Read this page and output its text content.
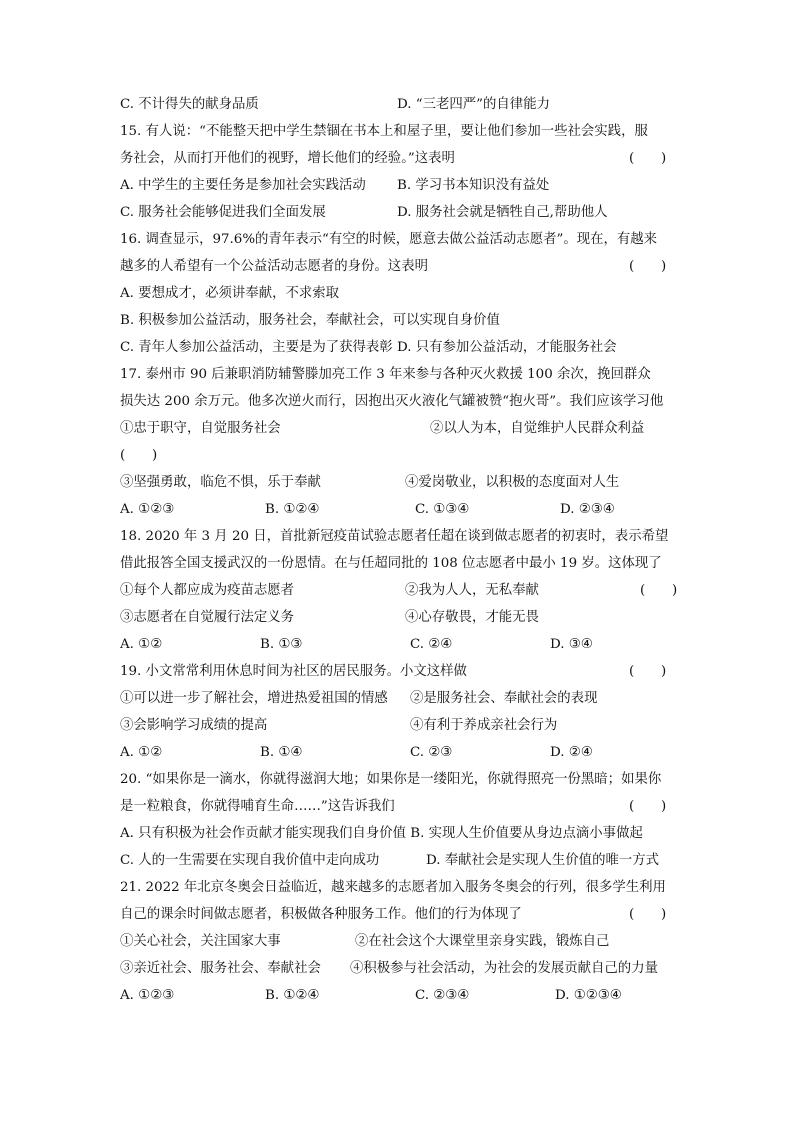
C. 不计得失的献身品质	D. “三老四严”的自律能力
15. 有人说：“不能整天把中学生禁锢在书本上和屋子里，要让他们参加一些社会实践，服
务社会，从而打开他们的视野，增长他们的经验。”这表明	(　　)
A. 中学生的主要任务是参加社会实践活动 B. 学习书本知识没有益处
C. 服务社会能够促进我们全面发展	D. 服务社会就是牺牲自己,帮助他人
16. 调查显示，97.6%的青年表示“有空的时候，愿意去做公益活动志愿者”。现在，有越来
越多的人希望有一个公益活动志愿者的身份。这表明	(　　)
A. 要想成才，必须讲奉献，不求索取
B. 积极参加公益活动，服务社会，奉献社会，可以实现自身价值
C. 青年人参加公益活动，主要是为了获得表彰 D. 只有参加公益活动，才能服务社会
17. 泰州市 90 后兼职消防辅警滕加亮工作 3 年来参与各种灭火救援 100 余次，挽回群众
损失达 200 余万元。他多次逆火而行，因抱出灭火液化气罐被赞“抱火哥”。我们应该学习他
①忠于职守，自觉服务社会	②以人为本，自觉维护人民群众利益
(　　)
③坚强勇敢，临危不惧，乐于奉献	④爱岗敬业，以积极的态度面对人生
A. ①②③	B. ①②④	C. ①③④	D. ②③④
18. 2020 年 3 月 20 日，首批新冠疫苗试验志愿者任超在谈到做志愿者的初衷时，表示希望
借此报答全国支援武汉的一份恩情。在与任超同批的 108 位志愿者中最小 19 岁。这体现了
①每个人都应成为疫苗志愿者	②我为人人，无私奉献	(　　)
③志愿者在自觉履行法定义务	④心存敬畏，才能无畏
A. ①②	B. ①③	C. ②④	D. ③④
19. 小文常常利用休息时间为社区的居民服务。小文这样做	(　　)
①可以进一步了解社会，增进热爱祖国的情感 ②是服务社会、奉献社会的表现
③会影响学习成绩的提高	④有利于养成亲社会行为
A. ①②	B. ①④	C. ②③	D. ②④
20. “如果你是一滴水，你就得滋润大地；如果你是一缕阳光，你就得照亮一份黑暗；如果你
是一粒粮食，你就得哺育生命……”这告诉我们	(　　)
A. 只有积极为社会作贡献才能实现我们自身价值 B. 实现人生价值要从身边点滴小事做起
C. 人的一生需要在实现自我价值中走向成功	D. 奉献社会是实现人生价值的唯一方式
21. 2022 年北京冬奥会日益临近，越来越多的志愿者加入服务冬奥会的行列，很多学生利用
自己的课余时间做志愿者，积极做各种服务工作。他们的行为体现了	(　　)
①关心社会，关注国家大事	②在社会这个大课堂里亲身实践，锻炼自己
③亲近社会、服务社会、奉献社会 ④积极参与社会活动，为社会的发展贡献自己的力量
A. ①②③	B. ①②④	C. ②③④	D. ①②③④
